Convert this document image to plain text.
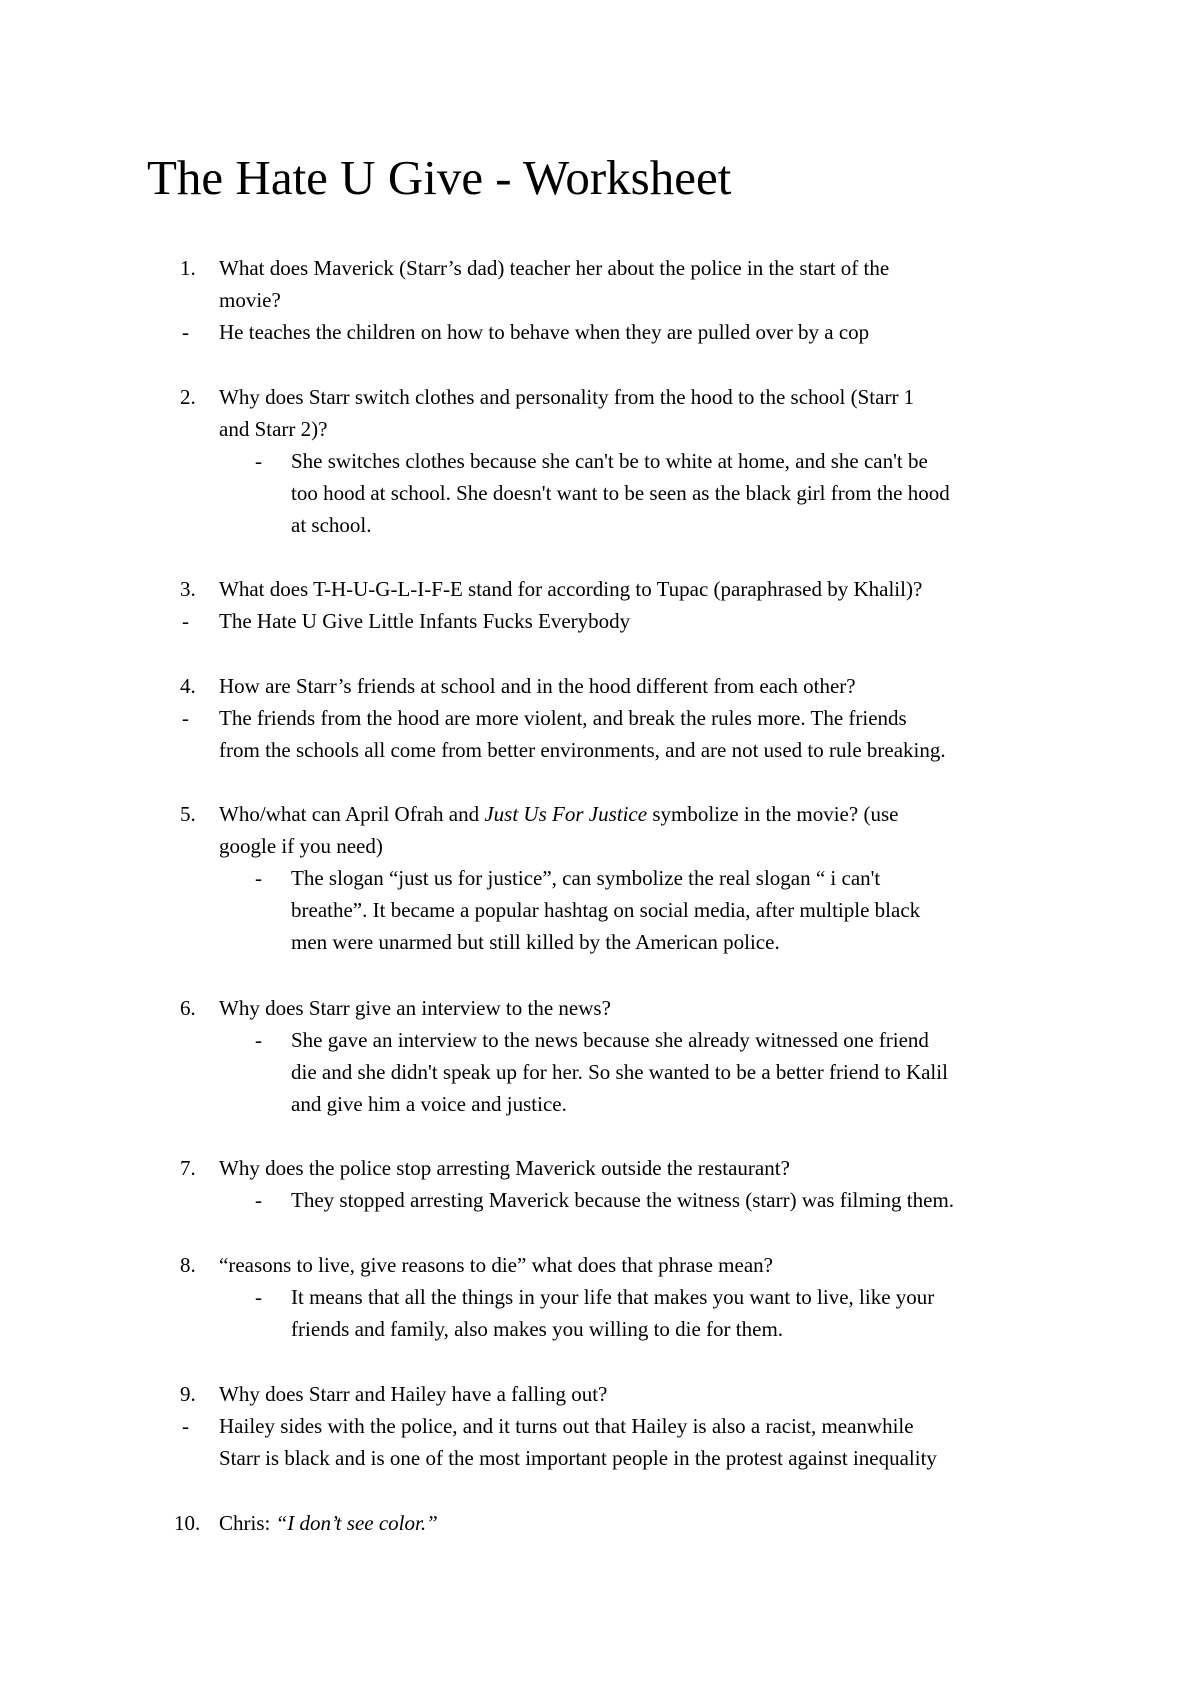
The Hate U Give - Worksheet
1.	What does Maverick (Starr’s dad) teacher her about the police in the start of the
movie?
-	He teaches the children on how to behave when they are pulled over by a cop
2.	Why does Starr switch clothes and personality from the hood to the school (Starr 1
and Starr 2)?
-	She switches clothes because she can't be to white at home, and she can't be
too hood at school. She doesn't want to be seen as the black girl from the hood
at school.
3.	What does T-H-U-G-L-I-F-E stand for according to Tupac (paraphrased by Khalil)?
-	The Hate U Give Little Infants Fucks Everybody
4.	How are Starr’s friends at school and in the hood different from each other?
-	The friends from the hood are more violent, and break the rules more. The friends
from the schools all come from better environments, and are not used to rule breaking.
5.	Who/what can April Ofrah and Just Us For Justice symbolize in the movie? (use
google if you need)
-	The slogan “just us for justice”, can symbolize the real slogan “ i can't
breathe”. It became a popular hashtag on social media, after multiple black
men were unarmed but still killed by the American police.
6.	Why does Starr give an interview to the news?
-	She gave an interview to the news because she already witnessed one friend
die and she didn't speak up for her. So she wanted to be a better friend to Kalil
and give him a voice and justice.
7.	Why does the police stop arresting Maverick outside the restaurant?
-	They stopped arresting Maverick because the witness (starr) was filming them.
8.	“reasons to live, give reasons to die” what does that phrase mean?
-	It means that all the things in your life that makes you want to live, like your
friends and family, also makes you willing to die for them.
9.	Why does Starr and Hailey have a falling out?
-	Hailey sides with the police, and it turns out that Hailey is also a racist, meanwhile
Starr is black and is one of the most important people in the protest against inequality
10. Chris: “I don’t see color.”
